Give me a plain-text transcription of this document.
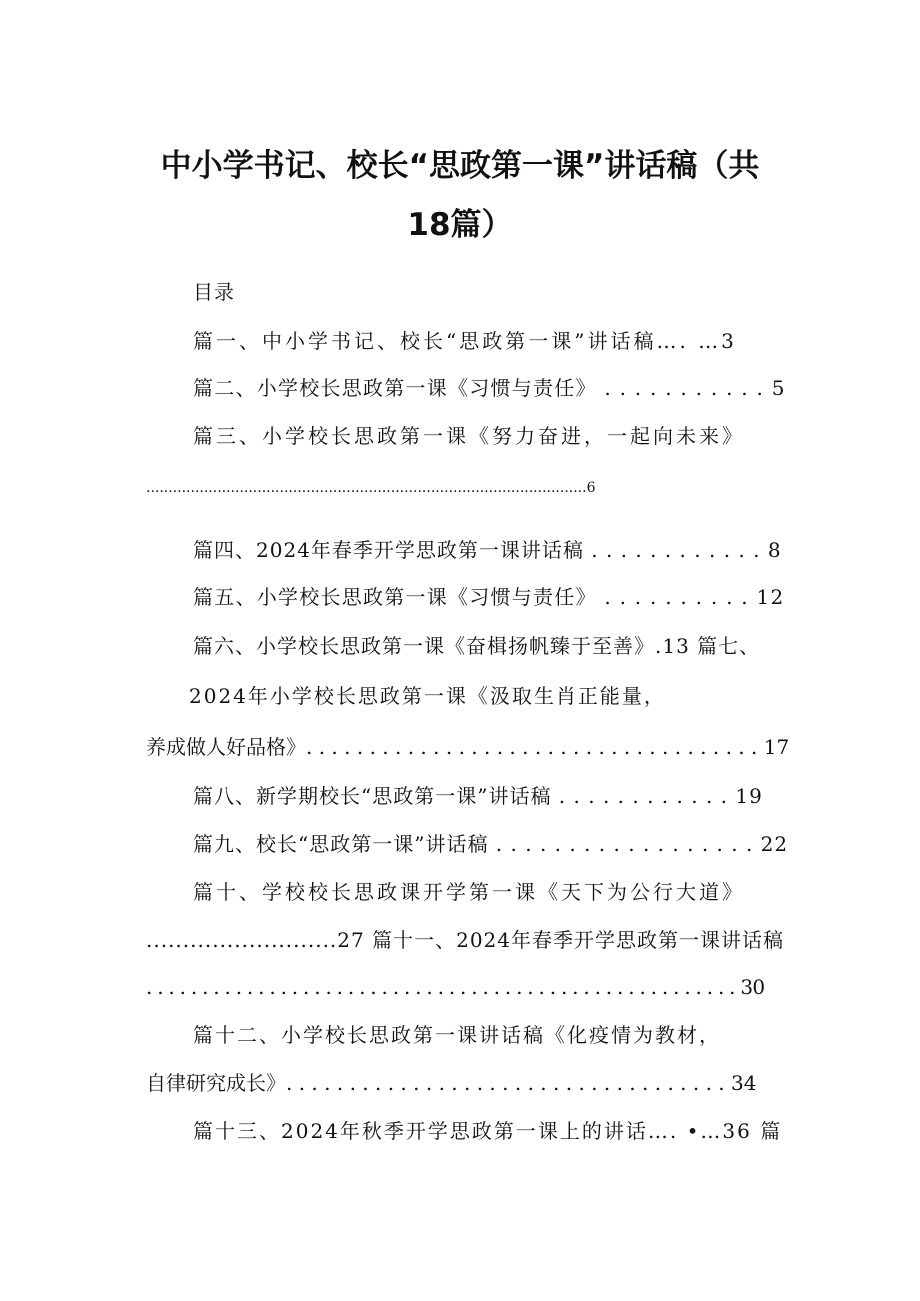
中小学书记、校长“思政第一课”讲话稿（共
18篇）
目录
篇一、中小学书记、校长“思政第一课”讲话稿…. …3
篇二、小学校长思政第一课《习惯与责任》 . . . . . . . . . . . 5
篇三、小学校长思政第一课《努力奋进，一起向未来》
...................................................................................................6
篇四、2024年春季开学思政第一课讲话稿 . . . . . . . . . . . . 8
篇五、小学校长思政第一课《习惯与责任》 . . . . . . . . . . 12
篇六、小学校长思政第一课《奋楫扬帆臻于至善》.13 篇七、
2024年小学校长思政第一课《汲取生肖正能量，
养成做人好品格》. . . . . . . . . . . . . . . . . . . . . . . . . . . . . . . . . . . . 17
篇八、新学期校长“思政第一课”讲话稿 . . . . . . . . . . . . 19
篇九、校长“思政第一课”讲话稿 . . . . . . . . . . . . . . . . . . 22
篇十、学校校长思政课开学第一课《天下为公行大道》
..........................27 篇十一、2024年春季开学思政第一课讲话稿
. . . . . . . . . . . . . . . . . . . . . . . . . . . . . . . . . . . . . . . . . . . . . . . . . . . . . 30
篇十二、小学校长思政第一课讲话稿《化疫情为教材，
自律研究成长》. . . . . . . . . . . . . . . . . . . . . . . . . . . . . . . . . . . 34
篇十三、2024年秋季开学思政第一课上的讲话…. •…36 篇
